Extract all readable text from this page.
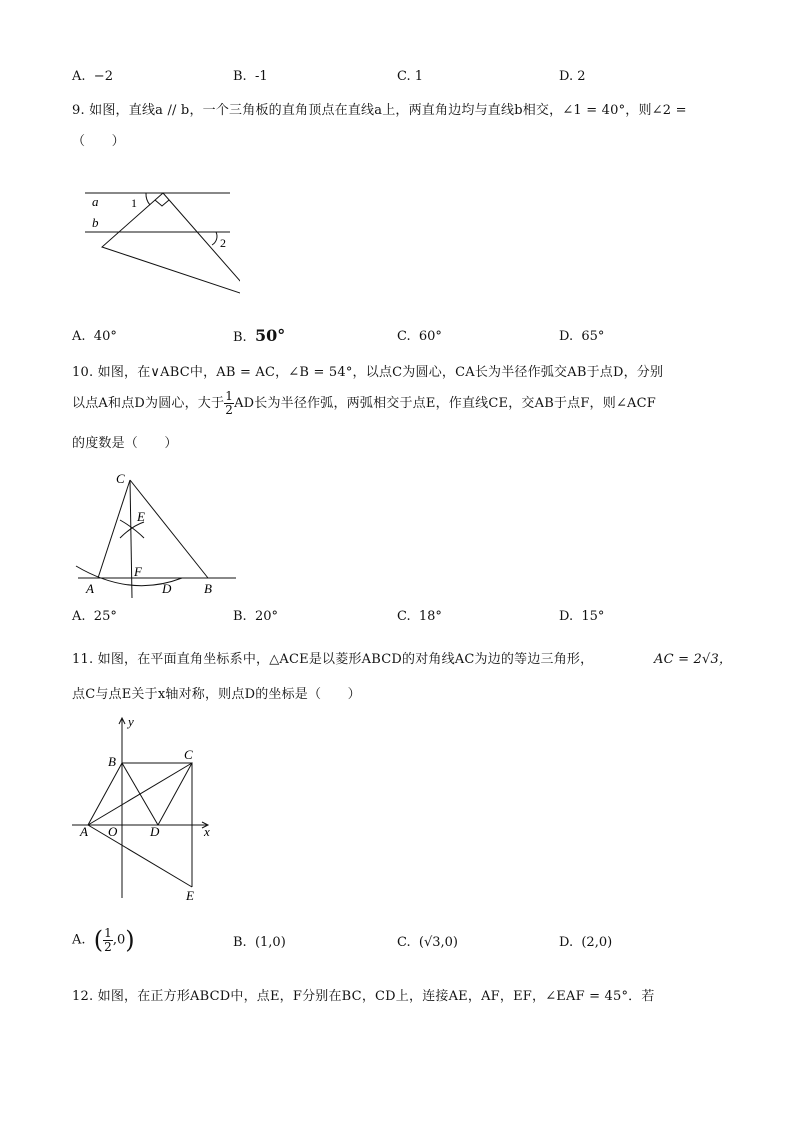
A. −2	B. -1	C. 1	D. 2
9. 如图，直线a // b，一个三角板的直角顶点在直线a上，两直角边均与直线b相交，∠1 = 40°，则∠2 =
（　　）
a
b
1
2
A. 40°	B. 50°	C. 60°	D. 65°
10. 如图，在∨ABC中，AB = AC，∠B = 54°，以点C为圆心，CA长为半径作弧交AB于点D，分别
以点A和点D为圆心，大于 $\frac{1}{2}$ AD长为半径作弧，两弧相交于点E，作直线CE，交AB于点F，则∠ACF
的度数是（　　）
C
E
F
A	D	B
A. 25°	B. 20°	C. 18°	D. 15°
11. 如图，在平面直角坐标系中，△ACE是以菱形ABCD的对角线AC为边的等边三角形，	AC = 2√3，
点C与点E关于x轴对称，则点D的坐标是（　　）
y
x
B	C
A O	D
E
A. ( $\frac{1}{2} ,0$)	B. (1,0)	C. (√3,0)	D. (2,0)
12. 如图，在正方形ABCD中，点E，F分别在BC，CD上，连接AE，AF，EF，∠EAF = 45°．若
